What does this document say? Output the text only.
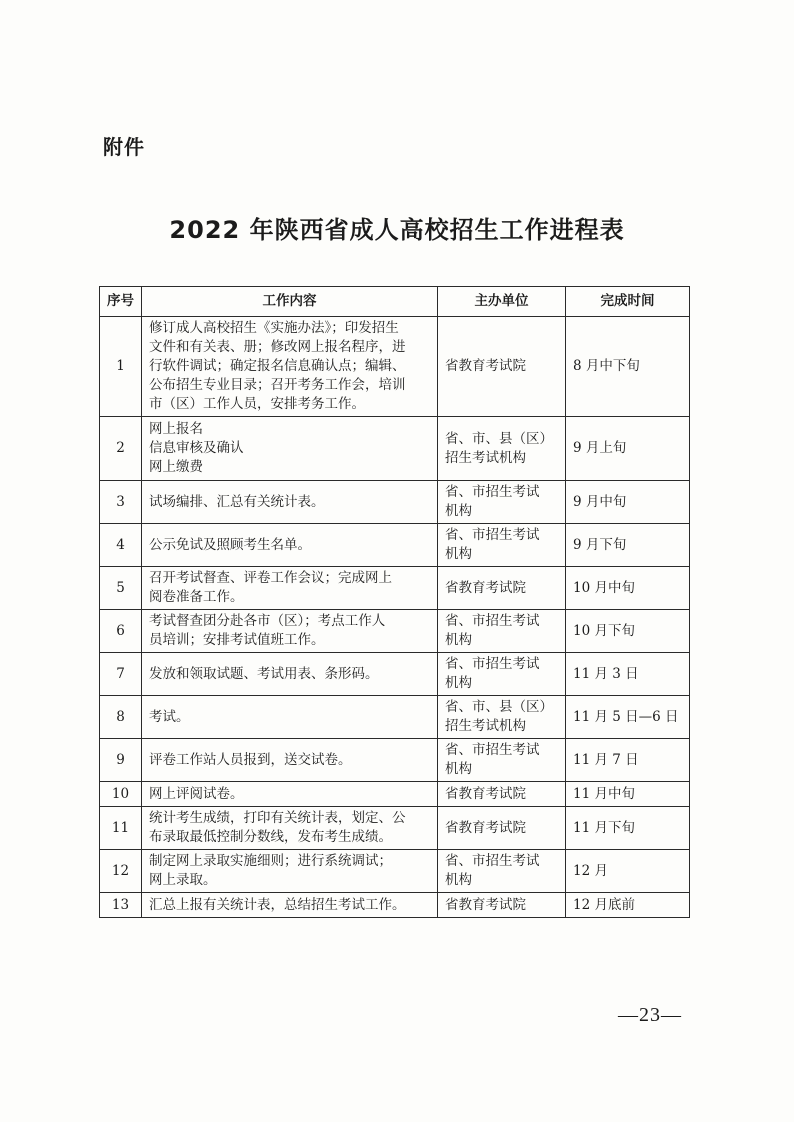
附件
2022 年陕西省成人高校招生工作进程表
序号	工作内容	主办单位	完成时间
1	修订成人高校招生《实施办法》；印发招生
文件和有关表、册；修改网上报名程序，进
行软件调试；确定报名信息确认点；编辑、
公布招生专业目录；召开考务工作会，培训
市（区）工作人员，安排考务工作。	省教育考试院	8 月中下旬
2	网上报名
信息审核及确认
网上缴费	省、市、县（区）
招生考试机构	9 月上旬
3	试场编排、汇总有关统计表。	省、市招生考试
机构	9 月中旬
4	公示免试及照顾考生名单。	省、市招生考试
机构	9 月下旬
5	召开考试督查、评卷工作会议；完成网上
阅卷准备工作。	省教育考试院	10 月中旬
6	考试督查团分赴各市（区）；考点工作人
员培训；安排考试值班工作。	省、市招生考试
机构	10 月下旬
7	发放和领取试题、考试用表、条形码。	省、市招生考试
机构	11 月 3 日
8	考试。	省、市、县（区）
招生考试机构	11 月 5 日—6 日
9	评卷工作站人员报到，送交试卷。	省、市招生考试
机构	11 月 7 日
10	网上评阅试卷。	省教育考试院	11 月中旬
11	统计考生成绩，打印有关统计表，划定、公
布录取最低控制分数线，发布考生成绩。	省教育考试院	11 月下旬
12	制定网上录取实施细则；进行系统调试；
网上录取。	省、市招生考试
机构	12 月
13	汇总上报有关统计表，总结招生考试工作。	省教育考试院	12 月底前
—23—
